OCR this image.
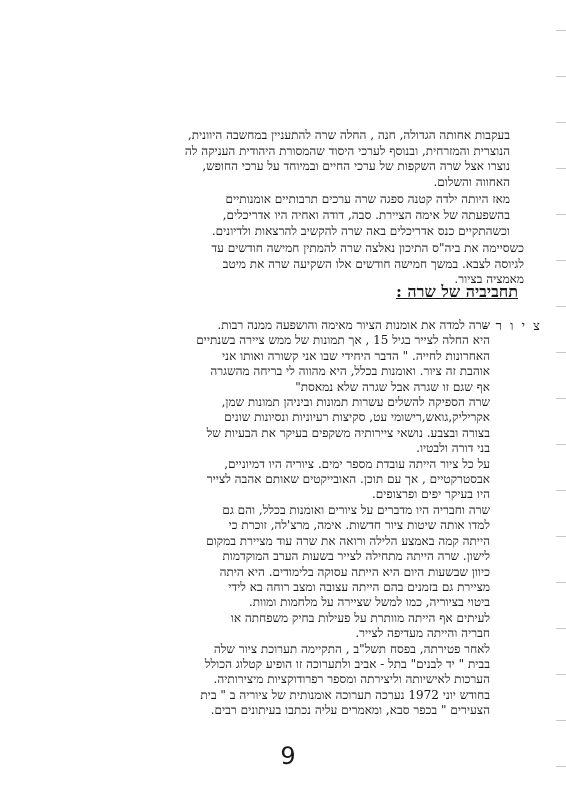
בעקבות אחותה הגדולה, חנה , החלה שרה להתעניין במחשבה היוונית,
הנוצרית והמזרחית, ובנוסף לערכי היסוד שהמסורת היהודית העניקה לה
נוצרו אצל שרה השקפות של ערכי החיים ובמיוחד על ערכי החופש,
האחווה והשלום.

מאז היותה ילדה קטנה ספגה שרה ערכים תרבותיים אומנותיים
בהשפעתה של אימה הציירת. סבה, דודה ואחיה היו אדריכלים,
וכשהתקיים כנס אדריכלים באה שרה להקשיב להרצאות ולדיונים.

כשסיימה את ביה"ס התיכון נאלצה שרה להמתין חמישה חודשים עד
לגיוסה לצבא. במשך חמישה חודשים אלו השקיעה שרה את מיטב
מאמציה בציור.

תחביביה של שרה :
צ י ו ר -

שרה למדה את אומנות הציור מאימה והושפעה ממנה רבות.
היא החלה לצייר בגיל 15 , אך תמונות של ממש ציירה בשנתיים
האחרונות לחייה. " הדבר היחידי שבו אני קשורה ואותו אני
אוהבת זה ציור. ואומנות בכלל, היא מהווה לי בריחה מהשגרה
אף שגם זו שגרה אבל שגרה שלא נמאסת"

שרה הספיקה להשלים עשרות תמונות וביניהן תמונות שמן,
אקרילי​ק,גואש,רישומי עט, סקיצות רעיוניות ונסיונות שונים
בצורה ובצבע. נושאי ציירותיה משקפים בעיקר את הבעיות של
בני דורה ולבטיו.

על כל ציור הייתה עובדת מספר ימים. ציוריה היו דמיוניים,
אבסטרקטיים , אך עם תוכן. האובייקטים שאותם אהבה לצייר
היו בעיקר יפים ופרצופים.

שרה וחבריה היו מדברים על ציורים ואומנות בכלל, והם גם
למדו אותה שיטות ציור חדשות. אימה, מרצ'לה, זוכרת כי
הייתה קמה באמצע הלילה ורואה את שרה עוד מציירת במקום
לישון. שרה הייתה מתחילה לצייר בשעות הערב המוקדמות
כיוון שבשעות היום היא הייתה עסוקה בלימודים. היא היתה
מציירת גם בזמנים בהם הייתה עצובה ומצב רוחה בא לידי
ביטוי בציוריה, כמו למשל שציירה על מלחמות ומוות.

לעיתים אף הייתה מוותרת על פעילות בחיק משפחתה או
חבריה והייתה מעדיפה לצייר.

לאחר פטירתה, בפסח תשל"ב , התקיימה תערוכת ציור שלה
בבית " יד לבנים" בתל - אביב ולתערוכה זו הופיע קטלוג הכולל
הערכות לאישיותה וליצירתה ומספר רפרודוקציות מיצירותיה.
בחודש יוני 1972 נערכה תערוכה אומנותית של ציוריה ב " בית
הצעירים " בכפר סבא, ומאמרים עליה נכתבו בעיתונים רבים.

9
